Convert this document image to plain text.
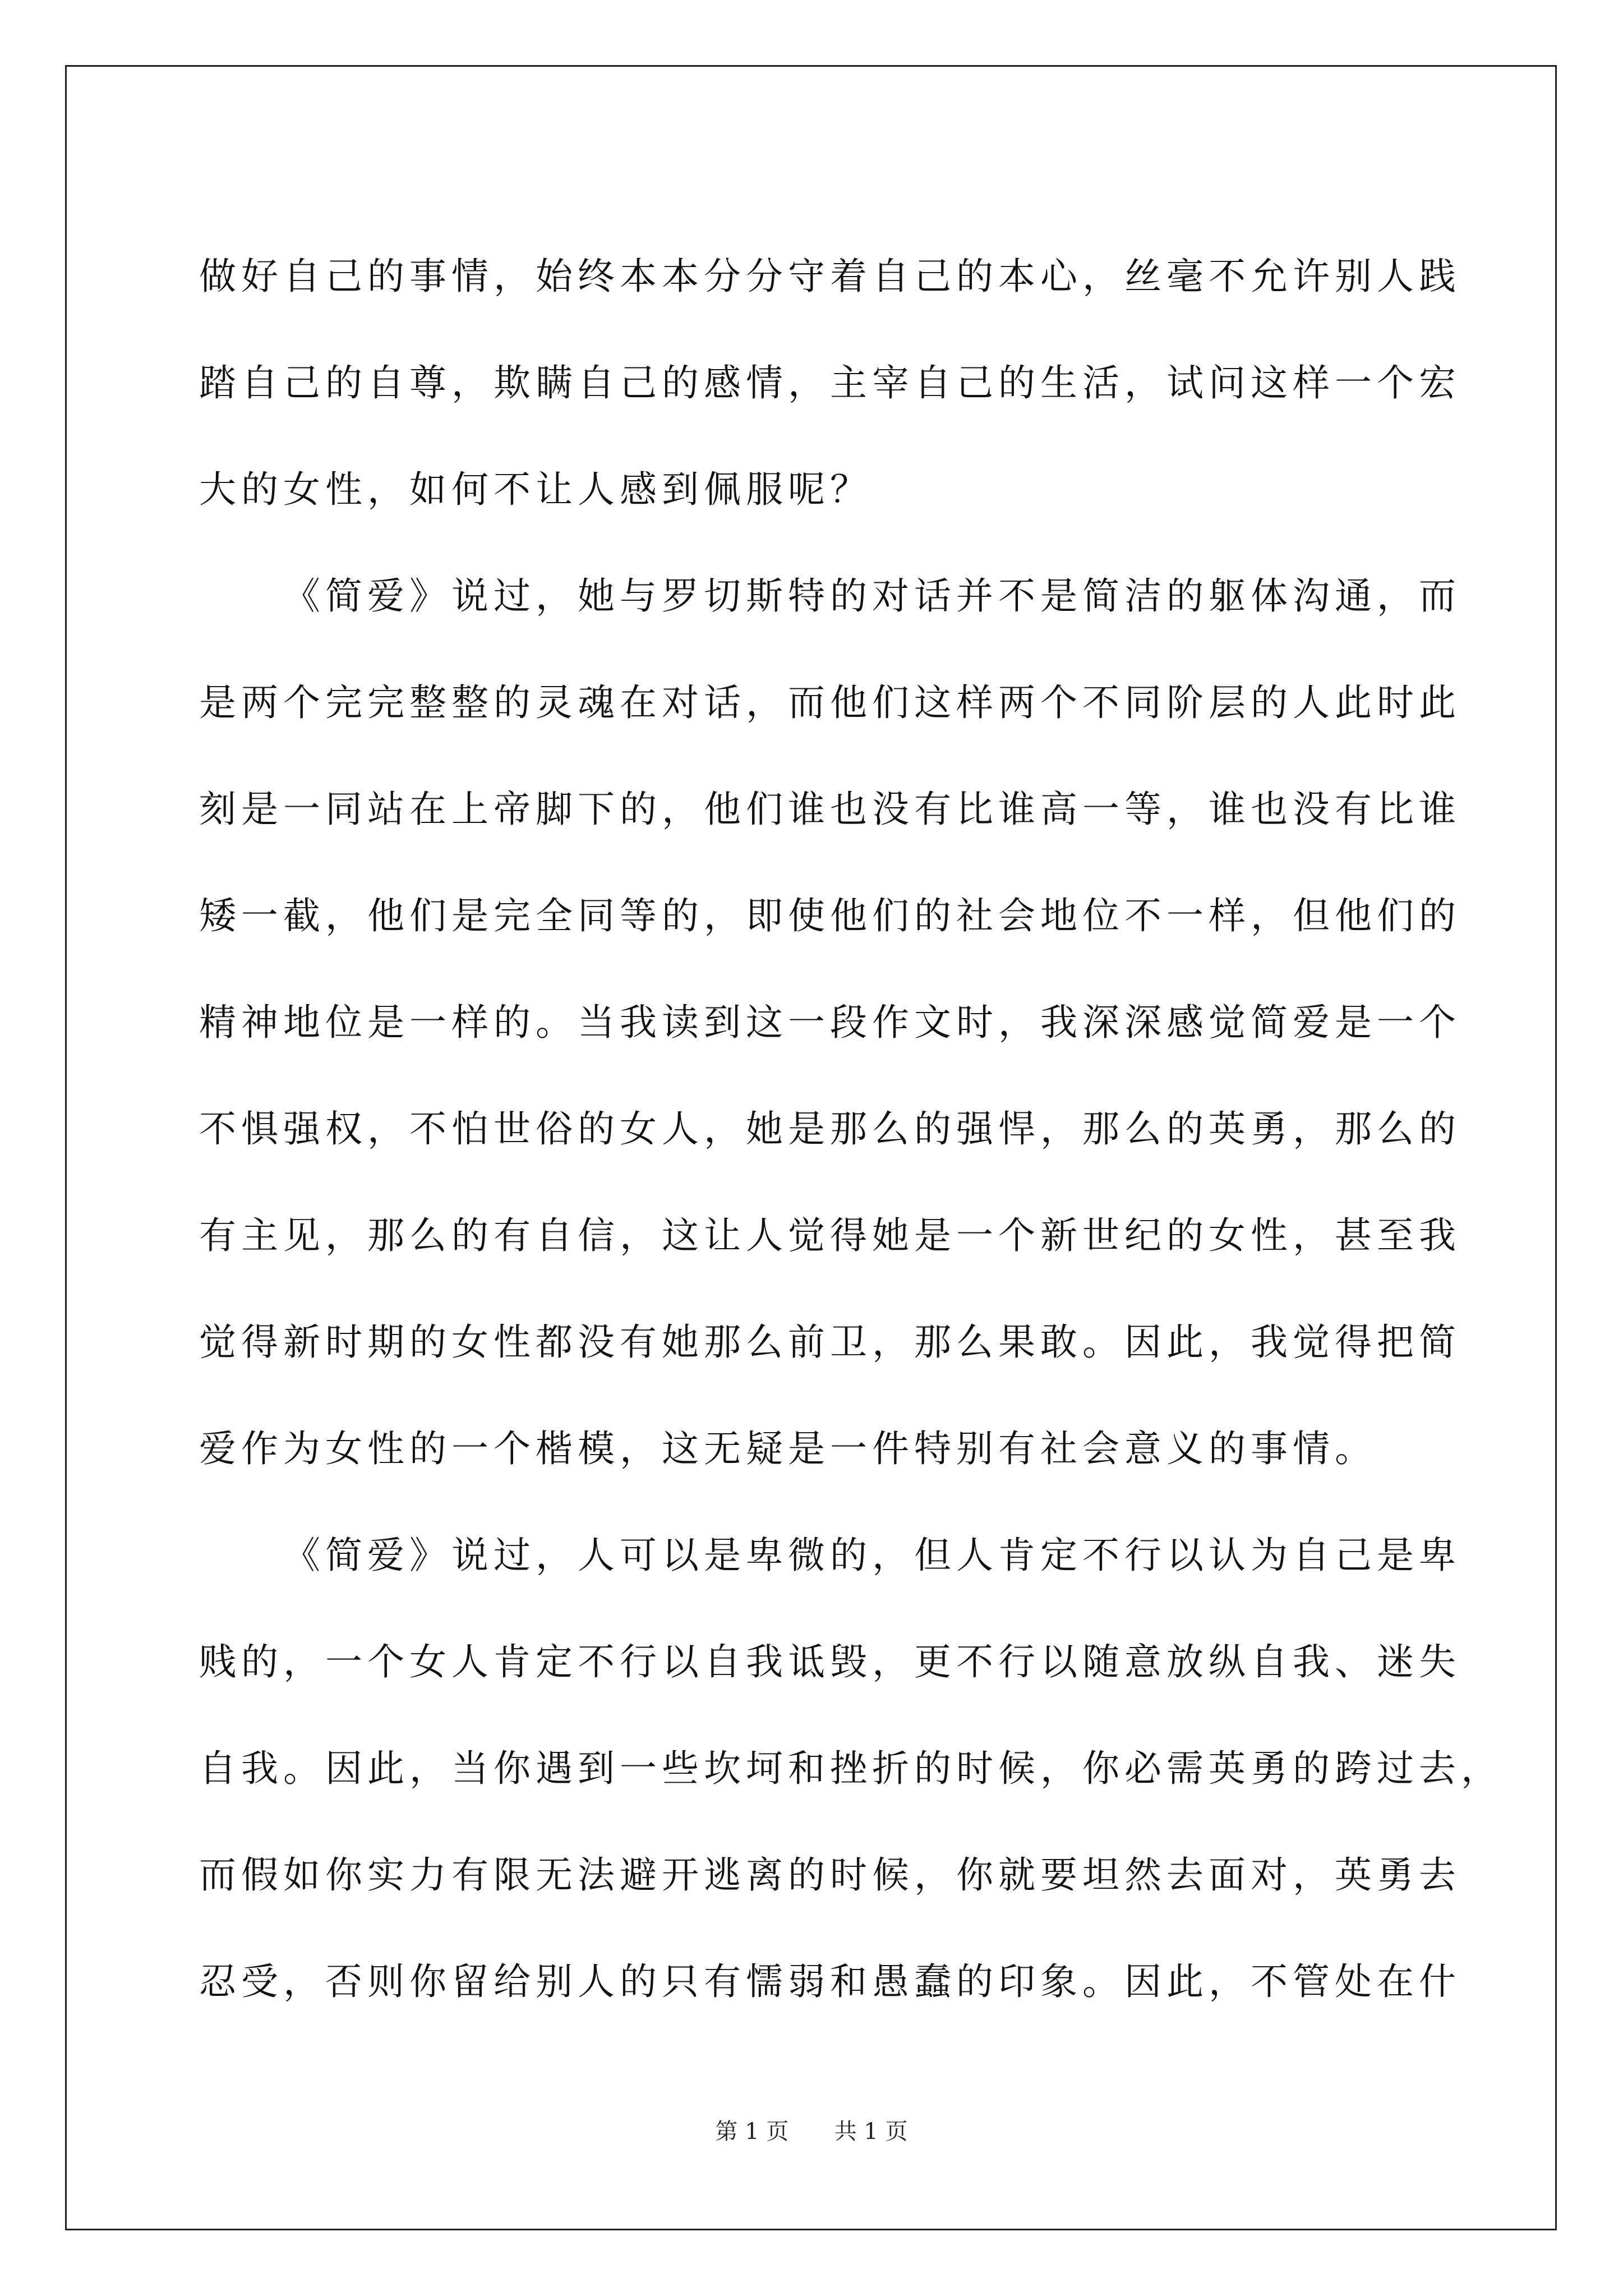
做好自己的事情，始终本本分分守着自己的本心，丝毫不允许别人践
踏自己的自尊，欺瞒自己的感情，主宰自己的生活，试问这样一个宏
大的女性，如何不让人感到佩服呢？
《简爱》说过，她与罗切斯特的对话并不是简洁的躯体沟通，而
是两个完完整整的灵魂在对话，而他们这样两个不同阶层的人此时此
刻是一同站在上帝脚下的，他们谁也没有比谁高一等，谁也没有比谁
矮一截，他们是完全同等的，即使他们的社会地位不一样，但他们的
精神地位是一样的。当我读到这一段作文时，我深深感觉简爱是一个
不惧强权，不怕世俗的女人，她是那么的强悍，那么的英勇，那么的
有主见，那么的有自信，这让人觉得她是一个新世纪的女性，甚至我
觉得新时期的女性都没有她那么前卫，那么果敢。因此，我觉得把简
爱作为女性的一个楷模，这无疑是一件特别有社会意义的事情。
《简爱》说过，人可以是卑微的，但人肯定不行以认为自己是卑
贱的，一个女人肯定不行以自我诋毁，更不行以随意放纵自我、迷失
自我。因此，当你遇到一些坎坷和挫折的时候，你必需英勇的跨过去，
而假如你实力有限无法避开逃离的时候，你就要坦然去面对，英勇去
忍受，否则你留给别人的只有懦弱和愚蠢的印象。因此，不管处在什
第 1 页 共 1 页
